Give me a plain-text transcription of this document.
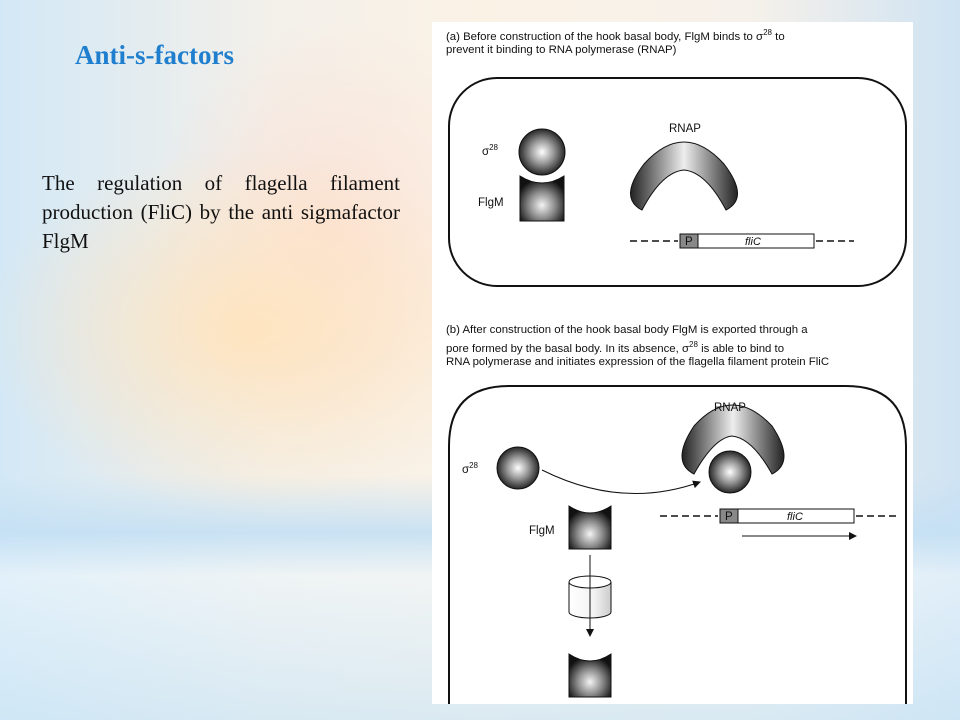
Anti-s-factors
The regulation of flagella filament production (FliC) by the anti sigmafactor FlgM
$\sigma^{28}$
FlgM
RNAP
P	fliC
$\sigma^{28}$
FlgM
RNAP
P	fliC
(a) Before construction of the hook basal body, FlgM binds to $\sigma^{28}$ to
prevent it binding to RNA polymerase (RNAP)
(b) After construction of the hook basal body FlgM is exported through a
pore formed by the basal body. In its absence, $\sigma^{28}$ is able to bind to
RNA polymerase and initiates expression of the flagella filament protein FliC
